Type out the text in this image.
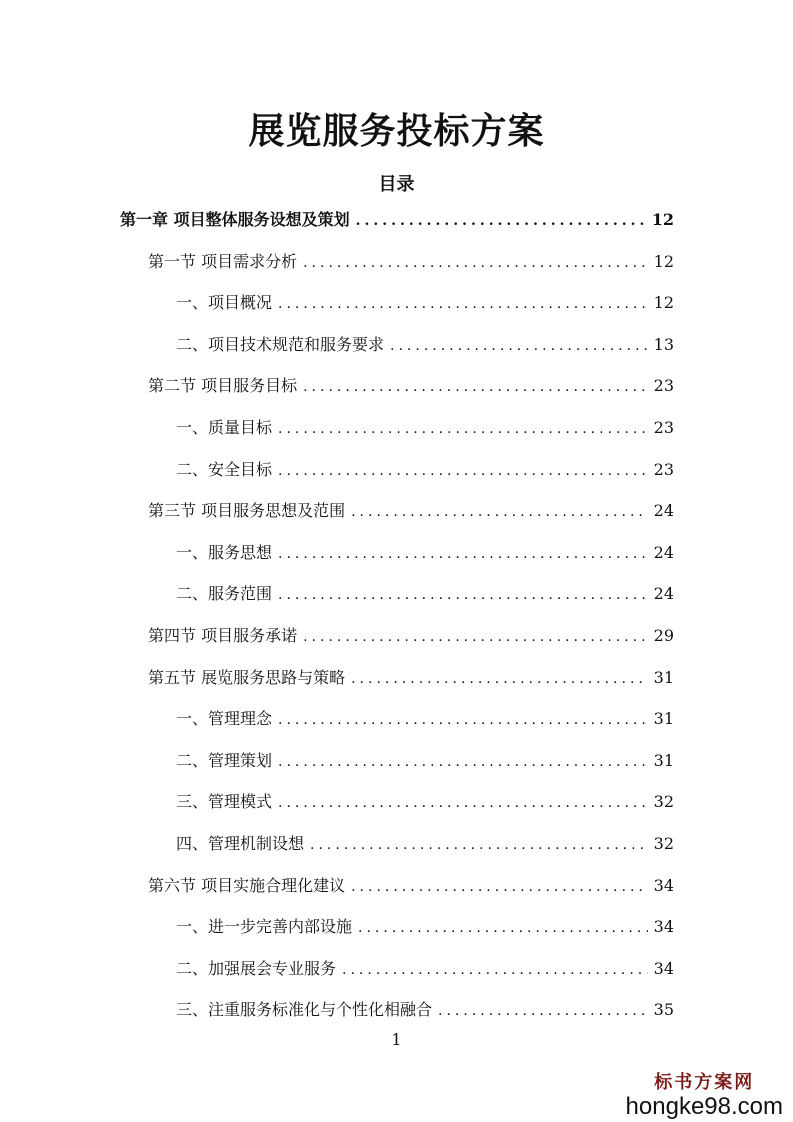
展览服务投标方案
目录
第一章 项目整体服务设想及策划 .....	12
第一节 项目需求分析 .....	12
一、项目概况 .....	12
二、项目技术规范和服务要求 .....	13
第二节 项目服务目标 .....	23
一、质量目标 .....	23
二、安全目标 .....	23
第三节 项目服务思想及范围 .....	24
一、服务思想 .....	24
二、服务范围 .....	24
第四节 项目服务承诺 .....	29
第五节 展览服务思路与策略 .....	31
一、管理理念 .....	31
二、管理策划 .....	31
三、管理模式 .....	32
四、管理机制设想 .....	32
第六节 项目实施合理化建议 .....	34
一、进一步完善内部设施 .....	34
二、加强展会专业服务 .....	34
三、注重服务标准化与个性化相融合 .....	35
1
标书方案网
hongke98.com
